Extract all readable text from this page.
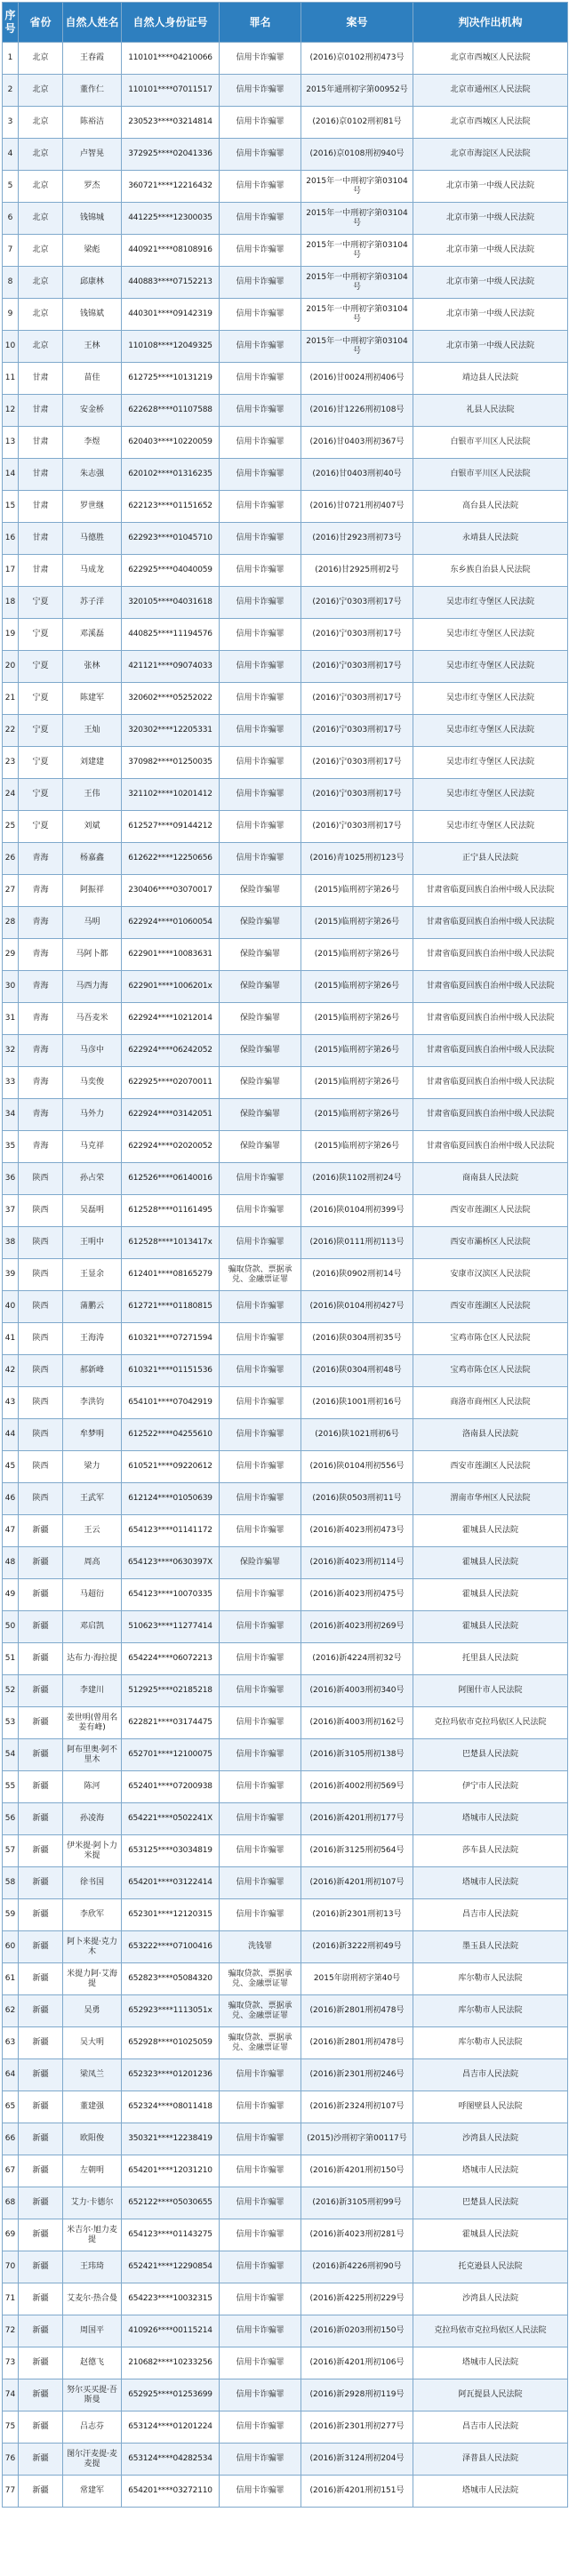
序号	省份	自然人姓名	自然人身份证号	罪名	案号	判决作出机构
1	北京	王春霞	110101****04210066	信用卡诈骗罪	(2016)京0102刑初473号	北京市西城区人民法院
2	北京	董作仁	110101****07011517	信用卡诈骗罪	2015年通刑初字第00952号	北京市通州区人民法院
3	北京	陈裕洁	230523****03214814	信用卡诈骗罪	(2016)京0102刑初81号	北京市西城区人民法院
4	北京	卢智晃	372925****02041336	信用卡诈骗罪	(2016)京0108刑初940号	北京市海淀区人民法院
5	北京	罗杰	360721****12216432	信用卡诈骗罪	2015年一中刑初字第03104号	北京市第一中级人民法院
6	北京	钱锦城	441225****12300035	信用卡诈骗罪	2015年一中刑初字第03104号	北京市第一中级人民法院
7	北京	梁彪	440921****08108916	信用卡诈骗罪	2015年一中刑初字第03104号	北京市第一中级人民法院
8	北京	邱康林	440883****07152213	信用卡诈骗罪	2015年一中刑初字第03104号	北京市第一中级人民法院
9	北京	钱锦斌	440301****09142319	信用卡诈骗罪	2015年一中刑初字第03104号	北京市第一中级人民法院
10	北京	王林	110108****12049325	信用卡诈骗罪	2015年一中刑初字第03104号	北京市第一中级人民法院
11	甘肃	苗佳	612725****10131219	信用卡诈骗罪	(2016)甘0024刑初406号	靖边县人民法院
12	甘肃	安金桥	622628****01107588	信用卡诈骗罪	(2016)甘1226刑初108号	礼县人民法院
13	甘肃	李煜	620403****10220059	信用卡诈骗罪	(2016)甘0403刑初367号	白银市平川区人民法院
14	甘肃	朱志强	620102****01316235	信用卡诈骗罪	(2016)甘0403刑初40号	白银市平川区人民法院
15	甘肃	罗世继	622123****01151652	信用卡诈骗罪	(2016)甘0721刑初407号	高台县人民法院
16	甘肃	马德胜	622923****01045710	信用卡诈骗罪	(2016)甘2923刑初73号	永靖县人民法院
17	甘肃	马成龙	622925****04040059	信用卡诈骗罪	(2016)甘2925刑初2号	东乡族自治县人民法院
18	宁夏	苏子洋	320105****04031618	信用卡诈骗罪	(2016)宁0303刑初17号	吴忠市红寺堡区人民法院
19	宁夏	邓溪磊	440825****11194576	信用卡诈骗罪	(2016)宁0303刑初17号	吴忠市红寺堡区人民法院
20	宁夏	张林	421121****09074033	信用卡诈骗罪	(2016)宁0303刑初17号	吴忠市红寺堡区人民法院
21	宁夏	陈建军	320602****05252022	信用卡诈骗罪	(2016)宁0303刑初17号	吴忠市红寺堡区人民法院
22	宁夏	王灿	320302****12205331	信用卡诈骗罪	(2016)宁0303刑初17号	吴忠市红寺堡区人民法院
23	宁夏	刘建建	370982****01250035	信用卡诈骗罪	(2016)宁0303刑初17号	吴忠市红寺堡区人民法院
24	宁夏	王伟	321102****10201412	信用卡诈骗罪	(2016)宁0303刑初17号	吴忠市红寺堡区人民法院
25	宁夏	刘斌	612527****09144212	信用卡诈骗罪	(2016)宁0303刑初17号	吴忠市红寺堡区人民法院
26	青海	杨嘉鑫	612622****12250656	信用卡诈骗罪	(2016)青1025刑初123号	正宁县人民法院
27	青海	阿振祥	230406****03070017	保险诈骗罪	(2015)临刑初字第26号	甘肃省临夏回族自治州中级人民法院
28	青海	马明	622924****01060054	保险诈骗罪	(2015)临刑初字第26号	甘肃省临夏回族自治州中级人民法院
29	青海	马阿卜都	622901****10083631	保险诈骗罪	(2015)临刑初字第26号	甘肃省临夏回族自治州中级人民法院
30	青海	马西力海	622901****1006201x	保险诈骗罪	(2015)临刑初字第26号	甘肃省临夏回族自治州中级人民法院
31	青海	马吾麦米	622924****10212014	保险诈骗罪	(2015)临刑初字第26号	甘肃省临夏回族自治州中级人民法院
32	青海	马彦中	622924****06242052	保险诈骗罪	(2015)临刑初字第26号	甘肃省临夏回族自治州中级人民法院
33	青海	马奕俊	622925****02070011	保险诈骗罪	(2015)临刑初字第26号	甘肃省临夏回族自治州中级人民法院
34	青海	马外力	622924****03142051	保险诈骗罪	(2015)临刑初字第26号	甘肃省临夏回族自治州中级人民法院
35	青海	马克祥	622924****02020052	保险诈骗罪	(2015)临刑初字第26号	甘肃省临夏回族自治州中级人民法院
36	陕西	孙占荣	612526****06140016	信用卡诈骗罪	(2016)陕1102刑初24号	商南县人民法院
37	陕西	吴磊明	612528****01161495	信用卡诈骗罪	(2016)陕0104刑初399号	西安市莲湖区人民法院
38	陕西	王明中	612528****1013417x	信用卡诈骗罪	(2016)陕0111刑初113号	西安市灞桥区人民法院
39	陕西	王显余	612401****08165279	骗取贷款、票据承兑、金融票证罪	(2016)陕0902刑初14号	安康市汉滨区人民法院
40	陕西	蒲鹏云	612721****01180815	信用卡诈骗罪	(2016)陕0104刑初427号	西安市莲湖区人民法院
41	陕西	王海涛	610321****07271594	信用卡诈骗罪	(2016)陕0304刑初35号	宝鸡市陈仓区人民法院
42	陕西	郝新峰	610321****01151536	信用卡诈骗罪	(2016)陕0304刑初48号	宝鸡市陈仓区人民法院
43	陕西	李洪钧	654101****07042919	信用卡诈骗罪	(2016)陕1001刑初16号	商洛市商州区人民法院
44	陕西	牟梦明	612522****04255610	信用卡诈骗罪	(2016)陕1021刑初6号	洛南县人民法院
45	陕西	梁力	610521****09220612	信用卡诈骗罪	(2016)陕0104刑初556号	西安市莲湖区人民法院
46	陕西	王武军	612124****01050639	信用卡诈骗罪	(2016)陕0503刑初11号	渭南市华州区人民法院
47	新疆	王云	654123****01141172	信用卡诈骗罪	(2016)新4023刑初473号	霍城县人民法院
48	新疆	周高	654123****0630397X	保险诈骗罪	(2016)新4023刑初114号	霍城县人民法院
49	新疆	马超衍	654123****10070335	信用卡诈骗罪	(2016)新4023刑初475号	霍城县人民法院
50	新疆	邓启凯	510623****11277414	信用卡诈骗罪	(2016)新4023刑初269号	霍城县人民法院
51	新疆	达布力·海拉提	654224****06072213	信用卡诈骗罪	(2016)新4224刑初32号	托里县人民法院
52	新疆	李建川	512925****02185218	信用卡诈骗罪	(2016)新4003刑初340号	阿图什市人民法院
53	新疆	姜世明(曾用名姜有峰)	622821****03174475	信用卡诈骗罪	(2016)新4003刑初162号	克拉玛依市克拉玛依区人民法院
54	新疆	阿布里奥·阿不里木	652701****12100075	信用卡诈骗罪	(2016)新3105刑初138号	巴楚县人民法院
55	新疆	陈河	652401****07200938	信用卡诈骗罪	(2016)新4002刑初569号	伊宁市人民法院
56	新疆	孙凌海	654221****0502241X	信用卡诈骗罪	(2016)新4201刑初177号	塔城市人民法院
57	新疆	伊米提·阿卜力米提	653125****03034819	信用卡诈骗罪	(2016)新3125刑初564号	莎车县人民法院
58	新疆	徐书国	654201****03122414	信用卡诈骗罪	(2016)新4201刑初107号	塔城市人民法院
59	新疆	李欣军	652301****12120315	信用卡诈骗罪	(2016)新2301刑初13号	昌吉市人民法院
60	新疆	阿卜来提·克力木	653222****07100416	洗钱罪	(2016)新3222刑初49号	墨玉县人民法院
61	新疆	米提力阿·艾海提	652823****05084320	骗取贷款、票据承兑、金融票证罪	2015年尉刑初字第40号	库尔勒市人民法院
62	新疆	吴勇	652923****1113051x	骗取贷款、票据承兑、金融票证罪	(2016)新2801刑初478号	库尔勒市人民法院
63	新疆	吴大明	652928****01025059	骗取贷款、票据承兑、金融票证罪	(2016)新2801刑初478号	库尔勒市人民法院
64	新疆	梁凤兰	652323****01201236	信用卡诈骗罪	(2016)新2301刑初246号	昌吉市人民法院
65	新疆	董建强	652324****08011418	信用卡诈骗罪	(2016)新2324刑初107号	呼图壁县人民法院
66	新疆	欧阳俊	350321****12238419	信用卡诈骗罪	(2015)沙刑初字第00117号	沙湾县人民法院
67	新疆	左朝明	654201****12031210	信用卡诈骗罪	(2016)新4201刑初150号	塔城市人民法院
68	新疆	艾力·卡德尔	652122****05030655	信用卡诈骗罪	(2016)新3105刑初99号	巴楚县人民法院
69	新疆	米吉尔·旭力麦提	654123****01143275	信用卡诈骗罪	(2016)新4023刑初281号	霍城县人民法院
70	新疆	王玮琦	652421****12290854	信用卡诈骗罪	(2016)新4226刑初90号	托克逊县人民法院
71	新疆	艾麦尔·热合曼	654223****10032315	信用卡诈骗罪	(2016)新4225刑初229号	沙湾县人民法院
72	新疆	周国平	410926****00115214	信用卡诈骗罪	(2016)新0203刑初150号	克拉玛依市克拉玛依区人民法院
73	新疆	赵德飞	210682****10233256	信用卡诈骗罪	(2016)新4201刑初106号	塔城市人民法院
74	新疆	努尔买买提·吾斯曼	652925****01253699	信用卡诈骗罪	(2016)新2928刑初119号	阿瓦提县人民法院
75	新疆	吕志芬	653124****01201224	信用卡诈骗罪	(2016)新2301刑初277号	昌吉市人民法院
76	新疆	图尔汗麦提·麦麦提	653124****04282534	信用卡诈骗罪	(2016)新3124刑初204号	泽普县人民法院
77	新疆	常建军	654201****03272110	信用卡诈骗罪	(2016)新4201刑初151号	塔城市人民法院
